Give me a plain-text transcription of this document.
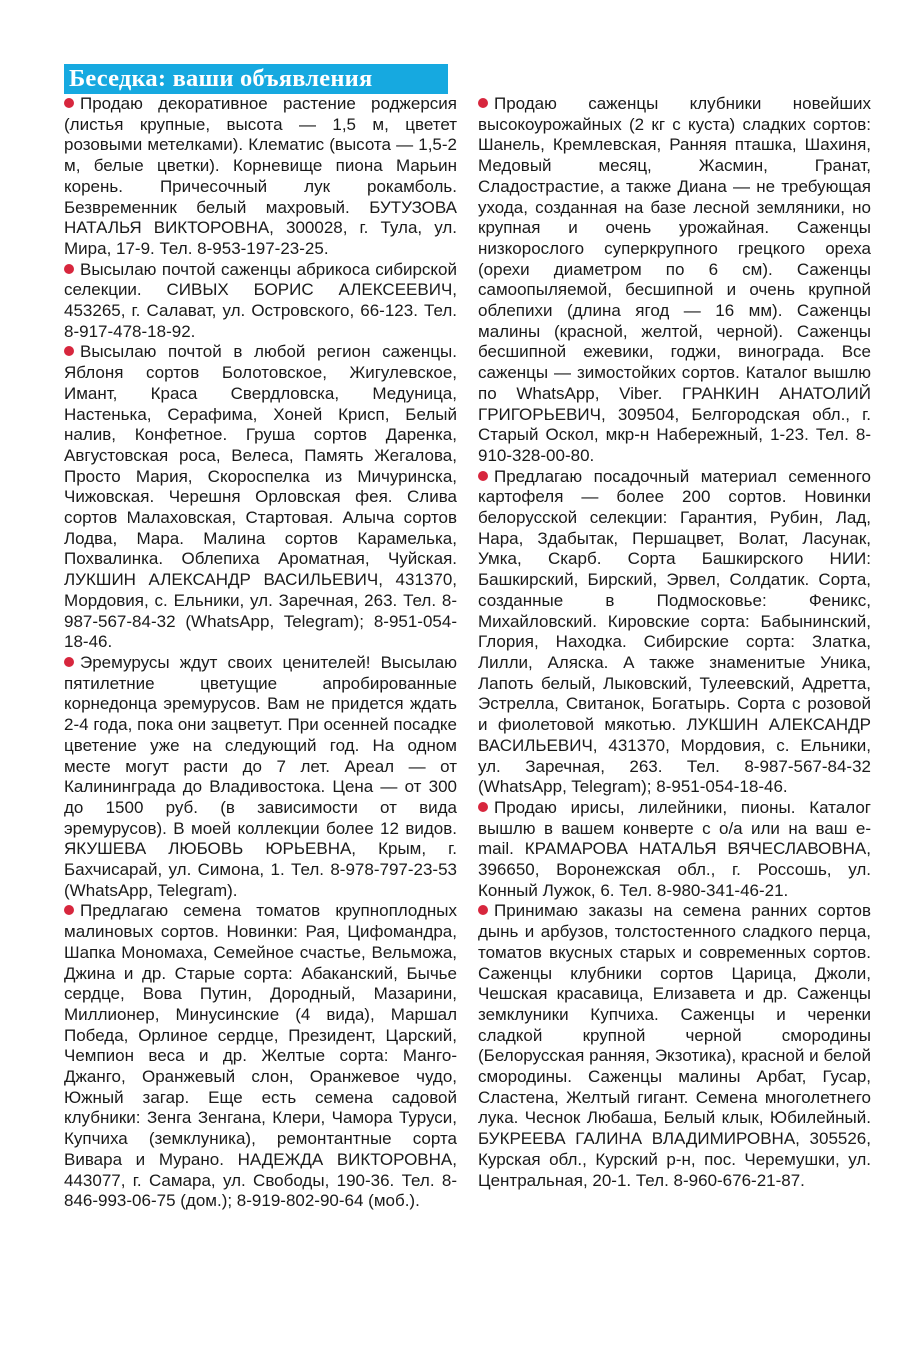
Беседка: ваши объявления

Продаю декоративное растение роджерсия (листья крупные, высота — 1,5 м, цветет розовыми метелками). Клематис (высота — 1,5-2 м, белые цветки). Корневище пиона Марьин корень. Причесочный лук рокамболь. Безвременник белый махровый. БУТУЗОВА НАТАЛЬЯ ВИКТОРОВНА, 300028, г. Тула, ул. Мира, 17-9. Тел. 8-953-197-23-25.

Высылаю почтой саженцы абрикоса сибирской селекции. СИВЫХ БОРИС АЛЕКСЕЕВИЧ, 453265, г. Салават, ул. Островского, 66-123. Тел. 8-917-478-18-92.

Высылаю почтой в любой регион саженцы. Яблоня сортов Болотовское, Жигулевское, Имант, Краса Свердловска, Медуница, Настенька, Серафима, Хоней Крисп, Белый налив, Конфетное. Груша сортов Даренка, Августовская роса, Велеса, Память Жегалова, Просто Мария, Скороспелка из Мичуринска, Чижовская. Черешня Орловская фея. Слива сортов Малаховская, Стартовая. Алыча сортов Лодва, Мара. Малина сортов Карамелька, Похвалинка. Облепиха Ароматная, Чуйская. ЛУКШИН АЛЕКСАНДР ВАСИЛЬЕВИЧ, 431370, Мордовия, с. Ельники, ул. Заречная, 263. Тел. 8-987-567-84-32 (WhatsApp, Telegram); 8-951-054-18-46.

Эремурусы ждут своих ценителей! Высылаю пятилетние цветущие апробированные корнедонца эремурусов. Вам не придется ждать 2-4 года, пока они зацветут. При осенней посадке цветение уже на следующий год. На одном месте могут расти до 7 лет. Ареал — от Калининграда до Владивостока. Цена — от 300 до 1500 руб. (в зависимости от вида эремурусов). В моей коллекции более 12 видов. ЯКУШЕВА ЛЮБОВЬ ЮРЬЕВНА, Крым, г. Бахчисарай, ул. Симона, 1. Тел. 8-978-797-23-53 (WhatsApp, Telegram).

Предлагаю семена томатов крупноплодных малиновых сортов. Новинки: Рая, Цифомандра, Шапка Мономаха, Семейное счастье, Вельможа, Джина и др. Старые сорта: Абаканский, Бычье сердце, Вова Путин, Дородный, Мазарини, Миллионер, Минусинские (4 вида), Маршал Победа, Орлиное сердце, Президент, Царский, Чемпион веса и др. Желтые сорта: Манго-Джанго, Оранжевый слон, Оранжевое чудо, Южный загар. Еще есть семена садовой клубники: Зенга Зенгана, Клери, Чамора Туруси, Купчиха (земклуника), ремонтантные сорта Вивара и Мурано. НАДЕЖДА ВИКТОРОВНА, 443077, г. Самара, ул. Свободы, 190-36. Тел. 8-846-993-06-75 (дом.); 8-919-802-90-64 (моб.).

Продаю саженцы клубники новейших высокоурожайных (2 кг с куста) сладких сортов: Шанель, Кремлевская, Ранняя пташка, Шахиня, Медовый месяц, Жасмин, Гранат, Сладострастие, а также Диана — не требующая ухода, созданная на базе лесной земляники, но крупная и очень урожайная. Саженцы низкорослого суперкрупного грецкого ореха (орехи диаметром по 6 см). Саженцы самоопыляемой, бесшипной и очень крупной облепихи (длина ягод — 16 мм). Саженцы малины (красной, желтой, черной). Саженцы бесшипной ежевики, годжи, винограда. Все саженцы — зимостойких сортов. Каталог вышлю по WhatsApp, Viber. ГРАНКИН АНАТОЛИЙ ГРИГОРЬЕВИЧ, 309504, Белгородская обл., г. Старый Оскол, мкр-н Набережный, 1-23. Тел. 8-910-328-00-80.

Предлагаю посадочный материал семенного картофеля — более 200 сортов. Новинки белорусской селекции: Гарантия, Рубин, Лад, Нара, Здабытак, Першацвет, Волат, Ласунак, Умка, Скарб. Сорта Башкирского НИИ: Башкирский, Бирский, Эрвел, Солдатик. Сорта, созданные в Подмосковье: Феникс, Михайловский. Кировские сорта: Бабынинский, Глория, Находка. Сибирские сорта: Златка, Лилли, Аляска. А также знаменитые Уника, Лапоть белый, Лыковский, Тулеевский, Адретта, Эстрелла, Свитанок, Богатырь. Сорта с розовой и фиолетовой мякотью. ЛУКШИН АЛЕКСАНДР ВАСИЛЬЕВИЧ, 431370, Мордовия, с. Ельники, ул. Заречная, 263. Тел. 8-987-567-84-32 (WhatsApp, Telegram); 8-951-054-18-46.

Продаю ирисы, лилейники, пионы. Каталог вышлю в вашем конверте с о/а или на ваш e-mail. КРАМАРОВА НАТАЛЬЯ ВЯЧЕСЛАВОВНА, 396650, Воронежская обл., г. Россошь, ул. Конный Лужок, 6. Тел. 8-980-341-46-21.

Принимаю заказы на семена ранних сортов дынь и арбузов, толстостенного сладкого перца, томатов вкусных старых и современных сортов. Саженцы клубники сортов Царица, Джоли, Чешская красавица, Елизавета и др. Саженцы земклуники Купчиха. Саженцы и черенки сладкой крупной черной смородины (Белорусская ранняя, Экзотика), красной и белой смородины. Саженцы малины Арбат, Гусар, Сластена, Желтый гигант. Семена многолетнего лука. Чеснок Любаша, Белый клык, Юбилейный. БУКРЕЕВА ГАЛИНА ВЛАДИМИРОВНА, 305526, Курская обл., Курский р-н, пос. Черемушки, ул. Центральная, 20-1. Тел. 8-960-676-21-87.
